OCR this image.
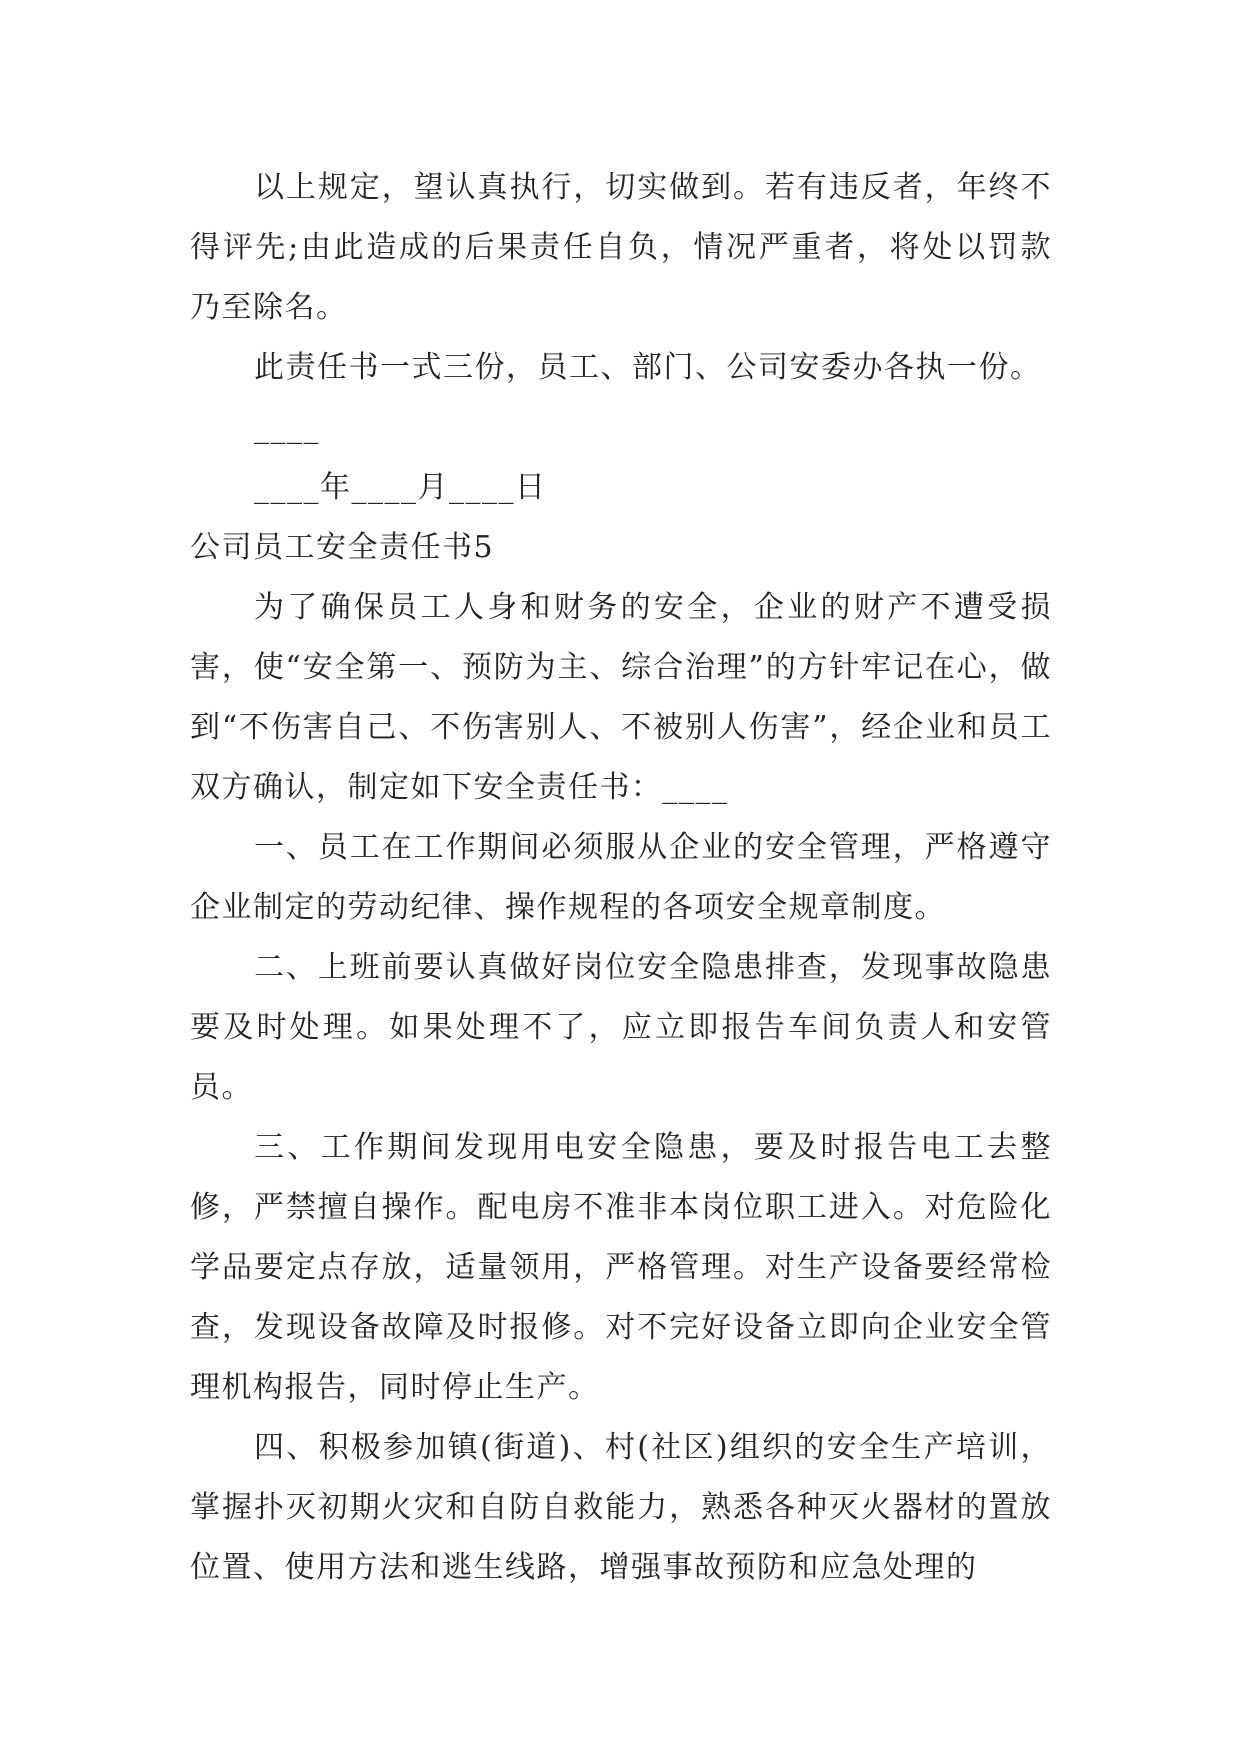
以上规定，望认真执行，切实做到。若有违反者，年终不得评先;由此造成的后果责任自负，情况严重者，将处以罚款乃至除名。

此责任书一式三份，员工、部门、公司安委办各执一份。

____

____年____月____日

公司员工安全责任书5

为了确保员工人身和财务的安全，企业的财产不遭受损害，使“安全第一、预防为主、综合治理”的方针牢记在心，做到“不伤害自己、不伤害别人、不被别人伤害”，经企业和员工双方确认，制定如下安全责任书：____

一、员工在工作期间必须服从企业的安全管理，严格遵守企业制定的劳动纪律、操作规程的各项安全规章制度。

二、上班前要认真做好岗位安全隐患排查，发现事故隐患要及时处理。如果处理不了，应立即报告车间负责人和安管员。

三、工作期间发现用电安全隐患，要及时报告电工去整修，严禁擅自操作。配电房不准非本岗位职工进入。对危险化学品要定点存放，适量领用，严格管理。对生产设备要经常检查，发现设备故障及时报修。对不完好设备立即向企业安全管理机构报告，同时停止生产。

四、积极参加镇(街道)、村(社区)组织的安全生产培训，掌握扑灭初期火灾和自防自救能力，熟悉各种灭火器材的置放位置、使用方法和逃生线路，增强事故预防和应急处理的
